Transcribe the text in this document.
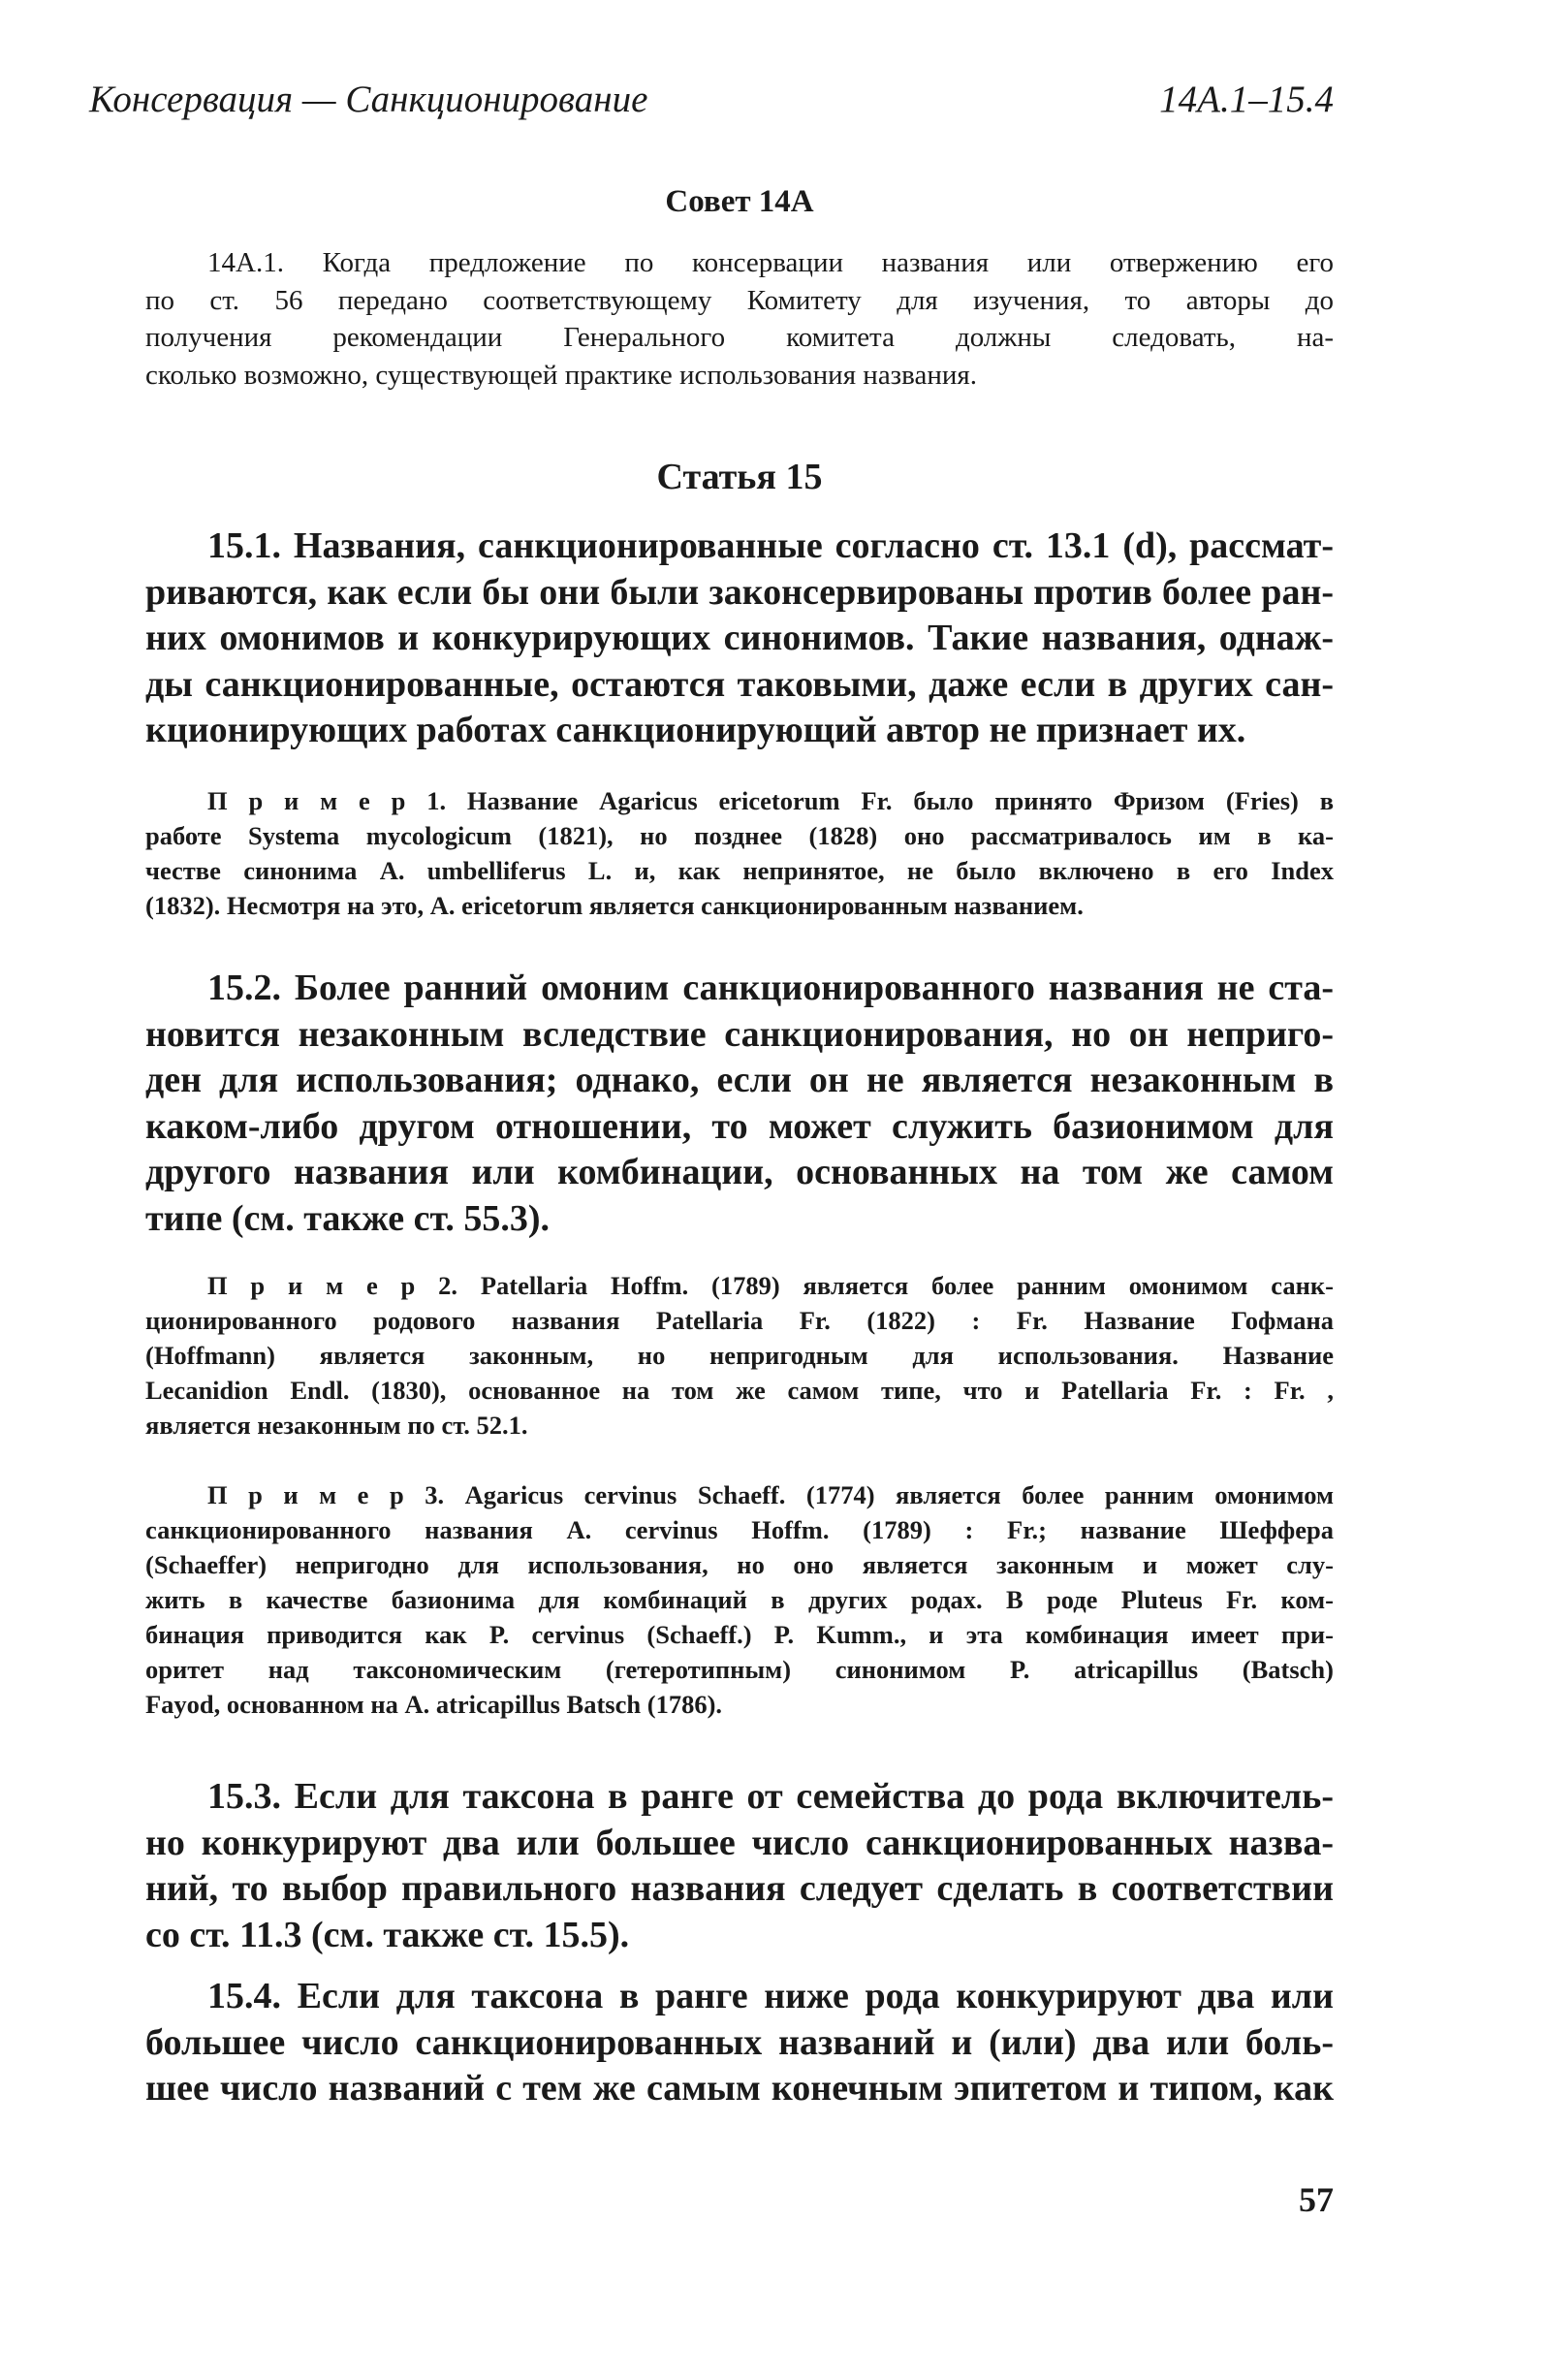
Консервация — Санкционирование	14A.1–15.4
Совет 14А
14A.1. Когда предложение по консервации названия или отвержению его
по ст. 56 передано соответствующему Комитету для изучения, то авторы до
получения рекомендации Генерального комитета должны следовать, на-
сколько возможно, существующей практике использования названия.
Статья 15
15.1. Названия, санкционированные согласно ст. 13.1 (d), рассмат-
риваются, как если бы они были законсервированы против более ран-
них омонимов и конкурирующих синонимов. Такие названия, однаж-
ды санкционированные, остаются таковыми, даже если в других сан-
кционирующих работах санкционирующий автор не признает их.
П р и м е р 1. Название Agaricus ericetorum Fr. было принято Фризом (Fries) в
работе Systema mycologicum (1821), но позднее (1828) оно рассматривалось им в ка-
честве синонима A. umbelliferus L. и, как непринятое, не было включено в его Index
(1832). Несмотря на это, A. ericetorum является санкционированным названием.
15.2. Более ранний омоним санкционированного названия не ста-
новится незаконным вследствие санкционирования, но он неприго-
ден для использования; однако, если он не является незаконным в
каком-либо другом отношении, то может служить базионимом для
другого названия или комбинации, основанных на том же самом
типе (см. также ст. 55.3).
П р и м е р 2. Patellaria Hoffm. (1789) является более ранним омонимом санк-
ционированного родового названия Patellaria Fr. (1822) : Fr. Название Гофмана
(Hoffmann) является законным, но непригодным для использования. Название
Lecanidion Endl. (1830), основанное на том же самом типе, что и Patellaria Fr. : Fr. ,
является незаконным по ст. 52.1.
П р и м е р 3. Agaricus cervinus Schaeff. (1774) является более ранним омонимом
санкционированного названия A. cervinus Hoffm. (1789) : Fr.; название Шеффера
(Schaeffer) непригодно для использования, но оно является законным и может слу-
жить в качестве базионима для комбинаций в других родах. В роде Pluteus Fr. ком-
бинация приводится как P. cervinus (Schaeff.) P. Kumm., и эта комбинация имеет при-
оритет над таксономическим (гетеротипным) синонимом P. atricapillus (Batsch)
Fayod, основанном на A. atricapillus Batsch (1786).
15.3. Если для таксона в ранге от семейства до рода включитель-
но конкурируют два или большее число санкционированных назва-
ний, то выбор правильного названия следует сделать в соответствии
со ст. 11.3 (см. также ст. 15.5).
15.4. Если для таксона в ранге ниже рода конкурируют два или
большее число санкционированных названий и (или) два или боль-
шее число названий с тем же самым конечным эпитетом и типом, как
57
